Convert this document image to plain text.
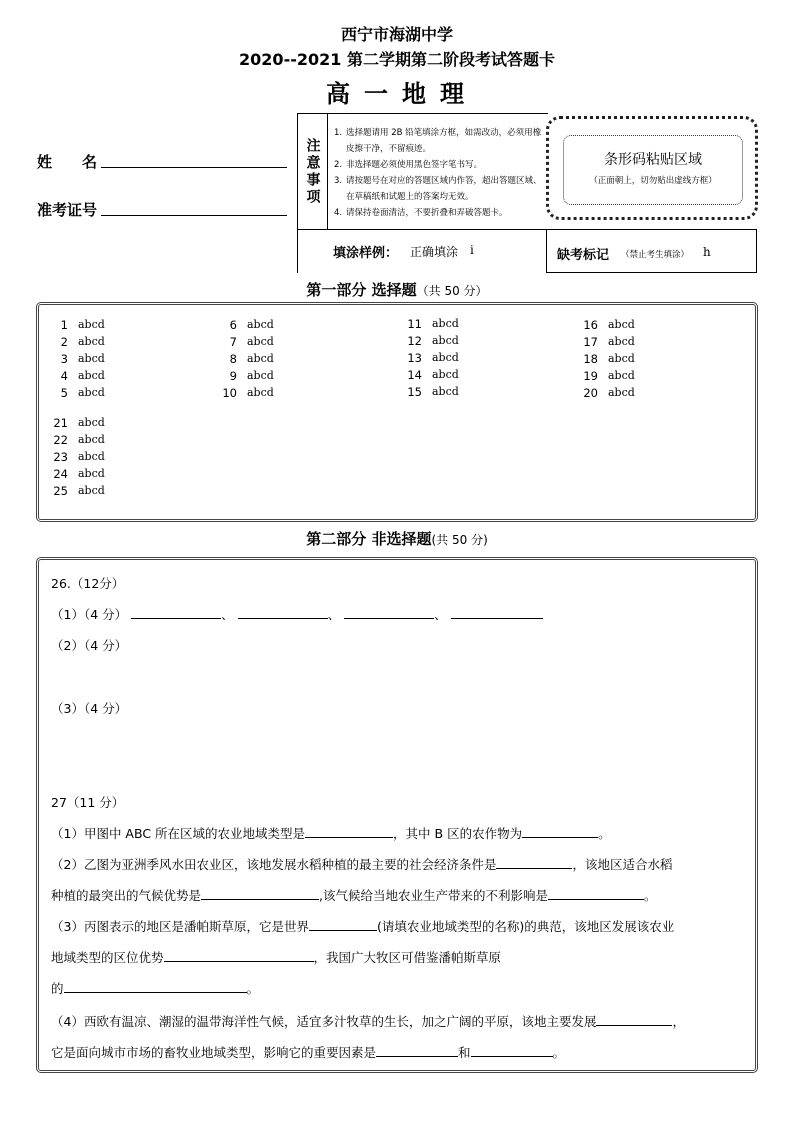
西宁市海湖中学
2020--2021 第二学期第二阶段考试答题卡
高一地理
姓　　名
准考证号
注意事项
1. 选择题请用 2B 铅笔填涂方框，如需改动，必须用橡皮擦干净，不留痕迹。
2. 非选择题必须使用黑色签字笔书写。
3. 请按题号在对应的答题区域内作答，超出答题区域、在草稿纸和试题上的答案均无效。
4. 请保持卷面清洁，不要折叠和弄破答题卡。
填涂样例： 正确填涂 i
条形码粘贴区域
（正面朝上，切勿贴出虚线方框）
缺考标记 （禁止考生填涂） h
第一部分 选择题（共 50 分）
1 abcd
2 abcd
3 abcd
4 abcd
5 abcd
6 abcd
7 abcd
8 abcd
9 abcd
10 abcd
11 abcd
12 abcd
13 abcd
14 abcd
15 abcd
16 abcd
17 abcd
18 abcd
19 abcd
20 abcd
21 abcd
22 abcd
23 abcd
24 abcd
25 abcd
第二部分 非选择题(共 50 分)
26.（12分）
（1）（4 分）	、	、	、
（2）（4 分）
（3）（4 分）
27（11 分）
（1）甲图中 ABC 所在区域的农业地域类型是	，其中 B 区的农作物为	。
（2）乙图为亚洲季风水田农业区，该地发展水稻种植的最主要的社会经济条件是	，该地区适合水稻
种植的最突出的气候优势是	,该气候给当地农业生产带来的不利影响是	。
（3）丙图表示的地区是潘帕斯草原，它是世界	(请填农业地域类型的名称)的典范，该地区发展该农业
地域类型的区位优势	，我国广大牧区可借鉴潘帕斯草原
的	。
（4）西欧有温凉、潮湿的温带海洋性气候，适宜多汁牧草的生长，加之广阔的平原，该地主要发展	，
它是面向城市市场的畜牧业地域类型，影响它的重要因素是	和	。
